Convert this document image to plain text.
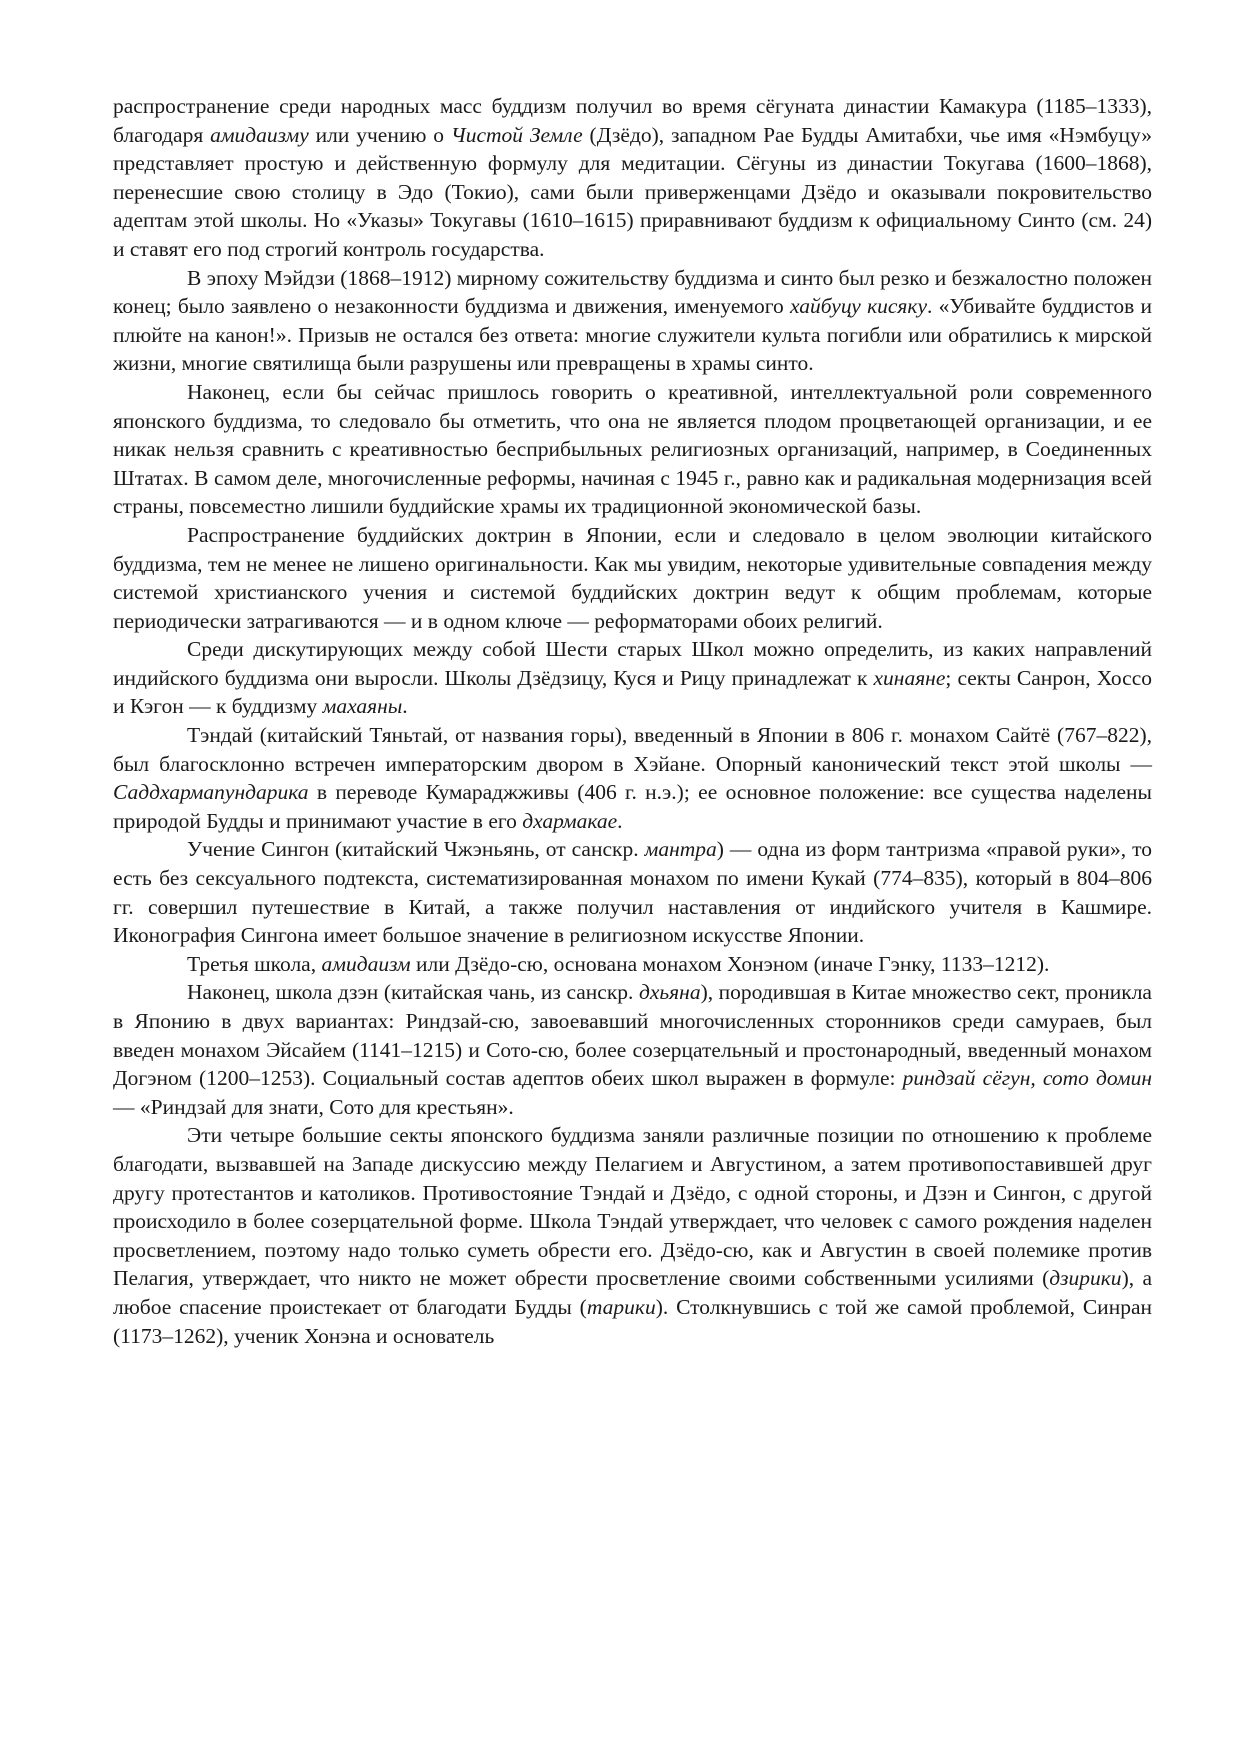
распространение среди народных масс буддизм получил во время сёгуната династии Камакура (1185–1333), благодаря амидаизму или учению о Чистой Земле (Дзёдо), западном Рае Будды Амитабхи, чье имя «Нэмбуцу» представляет простую и действенную формулу для медитации. Сёгуны из династии Токугава (1600–1868), перенесшие свою столицу в Эдо (Токио), сами были приверженцами Дзёдо и оказывали покровительство адептам этой школы. Но «Указы» Токугавы (1610–1615) приравнивают буддизм к официальному Синто (см. 24) и ставят его под строгий контроль государства.

В эпоху Мэйдзи (1868–1912) мирному сожительству буддизма и синто был резко и безжалостно положен конец; было заявлено о незаконности буддизма и движения, именуемого хайбуцу кисяку. «Убивайте буддистов и плюйте на канон!». Призыв не остался без ответа: многие служители культа погибли или обратились к мирской жизни, многие святилища были разрушены или превращены в храмы синто.

Наконец, если бы сейчас пришлось говорить о креативной, интеллектуальной роли современного японского буддизма, то следовало бы отметить, что она не является плодом процветающей организации, и ее никак нельзя сравнить с креативностью бесприбыльных религиозных организаций, например, в Соединенных Штатах. В самом деле, многочисленные реформы, начиная с 1945 г., равно как и радикальная модернизация всей страны, повсеместно лишили буддийские храмы их традиционной экономической базы.

Распространение буддийских доктрин в Японии, если и следовало в целом эволюции китайского буддизма, тем не менее не лишено оригинальности. Как мы увидим, некоторые удивительные совпадения между системой христианского учения и системой буддийских доктрин ведут к общим проблемам, которые периодически затрагиваются — и в одном ключе — реформаторами обоих религий.

Среди дискутирующих между собой Шести старых Школ можно определить, из каких направлений индийского буддизма они выросли. Школы Дзёдзицу, Куся и Рицу принадлежат к хинаяне; секты Санрон, Хоссо и Кэгон — к буддизму махаяны.

Тэндай (китайский Тяньтай, от названия горы), введенный в Японии в 806 г. монахом Сайтё (767–822), был благосклонно встречен императорским двором в Хэйане. Опорный канонический текст этой школы — Саддхармапундарика в переводе Кумараджживы (406 г. н.э.); ее основное положение: все существа наделены природой Будды и принимают участие в его дхармакае.

Учение Сингон (китайский Чжэньянь, от санскр. мантра) — одна из форм тантризма «правой руки», то есть без сексуального подтекста, систематизированная монахом по имени Кукай (774–835), который в 804–806 гг. совершил путешествие в Китай, а также получил наставления от индийского учителя в Кашмире. Иконография Сингона имеет большое значение в религиозном искусстве Японии.

Третья школа, амидаизм или Дзёдо-сю, основана монахом Хонэном (иначе Гэнку, 1133–1212).

Наконец, школа дзэн (китайская чань, из санскр. дхьяна), породившая в Китае множество сект, проникла в Японию в двух вариантах: Риндзай-сю, завоевавший многочисленных сторонников среди самураев, был введен монахом Эйсайем (1141–1215) и Сото-сю, более созерцательный и простонародный, введенный монахом Догэном (1200–1253). Социальный состав адептов обеих школ выражен в формуле: риндзай сёгун, сото домин — «Риндзай для знати, Сото для крестьян».

Эти четыре большие секты японского буддизма заняли различные позиции по отношению к проблеме благодати, вызвавшей на Западе дискуссию между Пелагием и Августином, а затем противопоставившей друг другу протестантов и католиков. Противостояние Тэндай и Дзёдо, с одной стороны, и Дзэн и Сингон, с другой происходило в более созерцательной форме. Школа Тэндай утверждает, что человек с самого рождения наделен просветлением, поэтому надо только суметь обрести его. Дзёдо-сю, как и Августин в своей полемике против Пелагия, утверждает, что никто не может обрести просветление своими собственными усилиями (дзирики), а любое спасение проистекает от благодати Будды (тарики). Столкнувшись с той же самой проблемой, Синран (1173–1262), ученик Хонэна и основатель
